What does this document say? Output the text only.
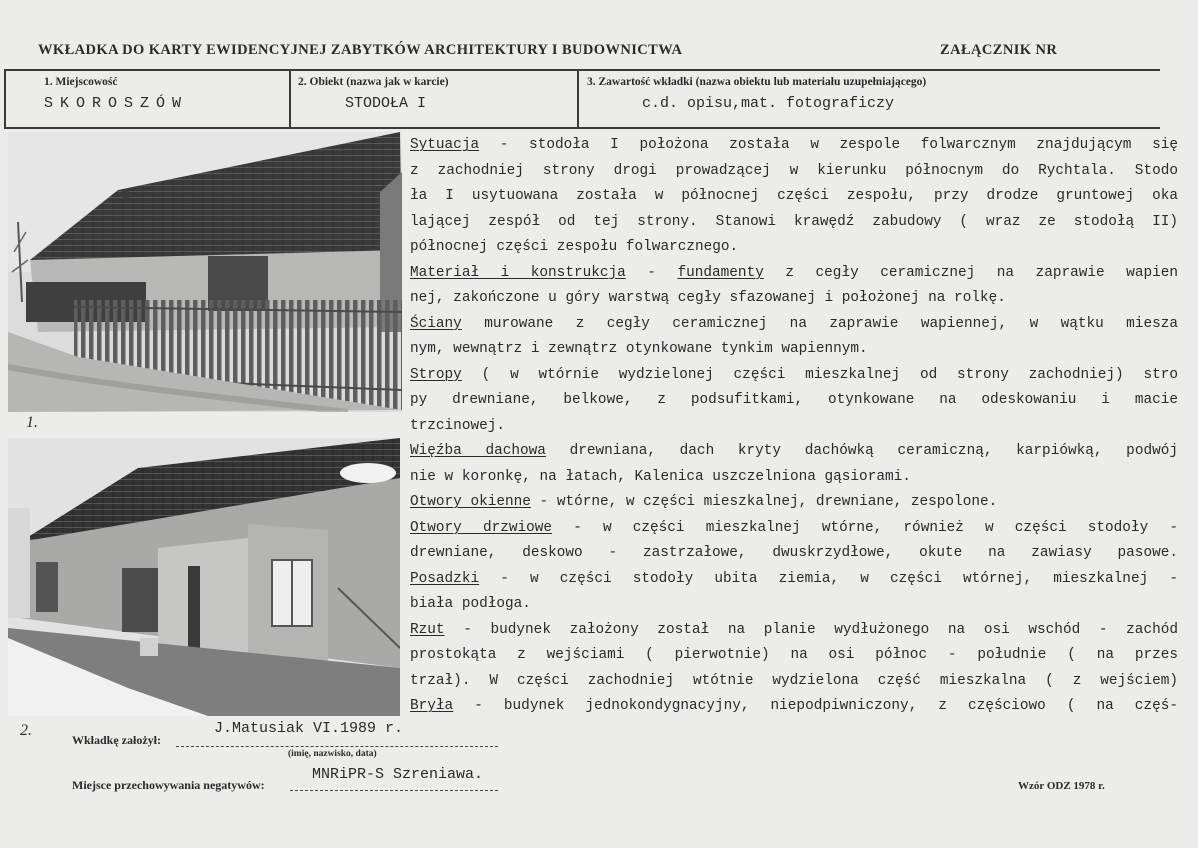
WKŁADKA DO KARTY EWIDENCYJNEJ ZABYTKÓW ARCHITEKTURY I BUDOWNICTWA	ZAŁĄCZNIK NR
1. Miejscowość
SKOROSZÓW
2. Obiekt (nazwa jak w karcie)
STODOŁA I
3. Zawartość wkładki (nazwa obiektu lub materiału uzupełniającego)
c.d. opisu,mat. fotograficzy
1.
2.
Sytuacja - stodoła I położona została w zespole folwarcznym znajdującym się
z zachodniej strony drogi prowadzącej w kierunku północnym do Rychtala. Stodo
ła I usytuowana została w północnej części zespołu, przy drodze gruntowej oka
lającej zespół od tej strony. Stanowi krawędź zabudowy ( wraz ze stodołą II)
północnej części zespołu folwarcznego.
Materiał i konstrukcja - fundamenty z cegły ceramicznej na zaprawie wapien
nej, zakończone u góry warstwą cegły sfazowanej i położonej na rolkę.
Ściany murowane z cegły ceramicznej na zaprawie wapiennej, w wątku miesza
nym, wewnątrz i zewnątrz otynkowane tynkim wapiennym.
Stropy ( w wtórnie wydzielonej części mieszkalnej od strony zachodniej) stro
py drewniane, belkowe, z podsufitkami, otynkowane na odeskowaniu i macie
trzcinowej.
Więźba dachowa drewniana, dach kryty dachówką ceramiczną, karpiówką, podwój
nie w koronkę, na łatach, Kalenica uszczelniona gąsiorami.
Otwory okienne - wtórne, w części mieszkalnej, drewniane, zespolone.
Otwory drzwiowe - w części mieszkalnej wtórne, również w części stodoły -
drewniane, deskowo - zastrzałowe, dwuskrzydłowe, okute na zawiasy pasowe.
Posadzki - w części stodoły ubita ziemia, w części wtórnej, mieszkalnej -
biała podłoga.
Rzut - budynek założony został na planie wydłużonego na osi wschód - zachód
prostokąta z wejściami ( pierwotnie) na osi północ - południe ( na przes
trzał). W części zachodniej wtótnie wydzielona część mieszkalna ( z wejściem)
Bryła - budynek jednokondygnacyjny, niepodpiwniczony, z częściowo ( na częś-
Wkładkę założył:
J.Matusiak VI.1989 r.
(imię, nazwisko, data)
Miejsce przechowywania negatywów:
MNRiPR-S Szreniawa.
Wzór ODZ 1978 r.
